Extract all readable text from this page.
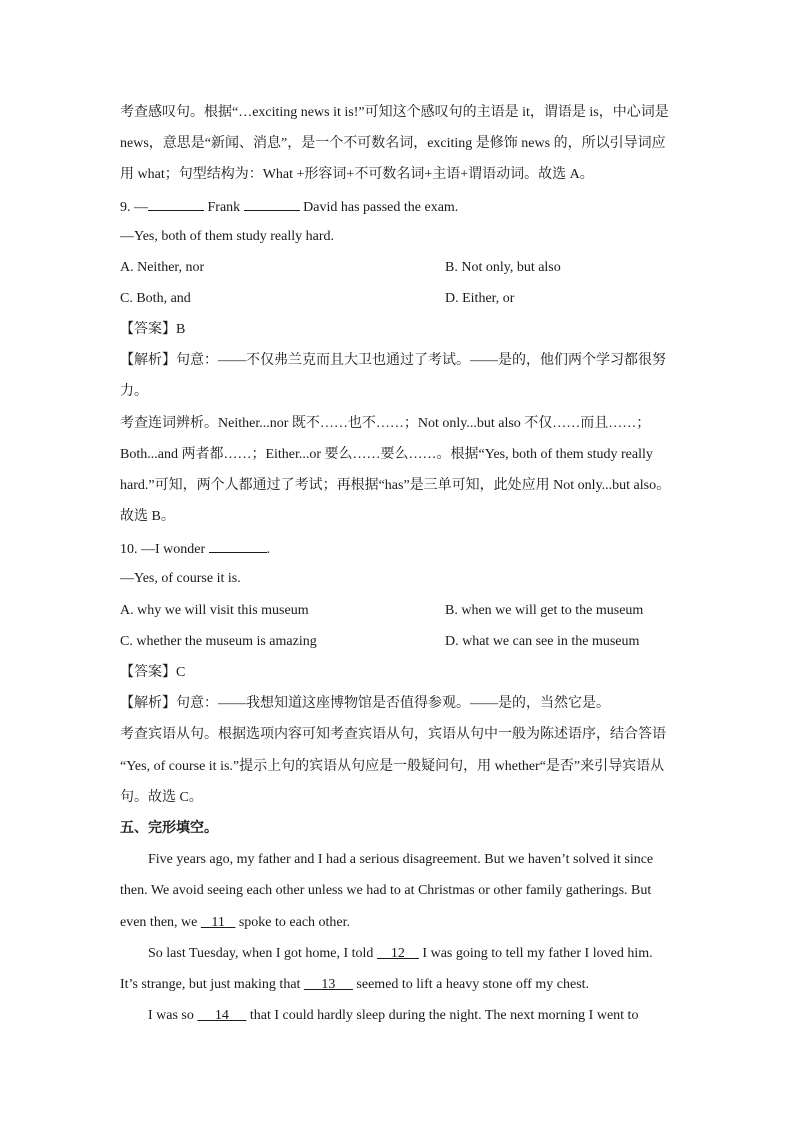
考查感叹句。根据“…exciting news it is!”可知这个感叹句的主语是 it，谓语是 is，中心词是
news，意思是“新闻、消息”，是一个不可数名词，exciting 是修饰 news 的，所以引导词应
用 what；句型结构为：What +形容词+不可数名词+主语+谓语动词。故选 A。
9. —	Frank	David has passed the exam.
—Yes, both of them study really hard.
A. Neither, nor	B. Not only, but also
C. Both, and	D. Either, or
【答案】B
【解析】句意：——不仅弗兰克而且大卫也通过了考试。——是的，他们两个学习都很努
力。
考查连词辨析。Neither...nor 既不……也不……；Not only...but also 不仅……而且……；
Both...and 两者都……；Either...or 要么……要么……。根据“Yes, both of them study really
hard.”可知，两个人都通过了考试；再根据“has”是三单可知，此处应用 Not only...but also。
故选 B。
10. —I wonder	.
—Yes, of course it is.
A. why we will visit this museum	B. when we will get to the museum
C. whether the museum is amazing	D. what we can see in the museum
【答案】C
【解析】句意：——我想知道这座博物馆是否值得参观。——是的，当然它是。
考查宾语从句。根据选项内容可知考查宾语从句，宾语从句中一般为陈述语序，结合答语
“Yes, of course it is.”提示上句的宾语从句应是一般疑问句，用 whether“是否”来引导宾语从
句。故选 C。
五、完形填空。
Five years ago, my father and I had a serious disagreement. But we haven’t solved it since
then. We avoid seeing each other unless we had to at Christmas or other family gatherings. But
even then, we    11    spoke to each other.
So last Tuesday, when I got home, I told     12     I was going to tell my father I loved him.
It’s strange, but just making that      13      seemed to lift a heavy stone off my chest.
I was so      14      that I could hardly sleep during the night. The next morning I went to
